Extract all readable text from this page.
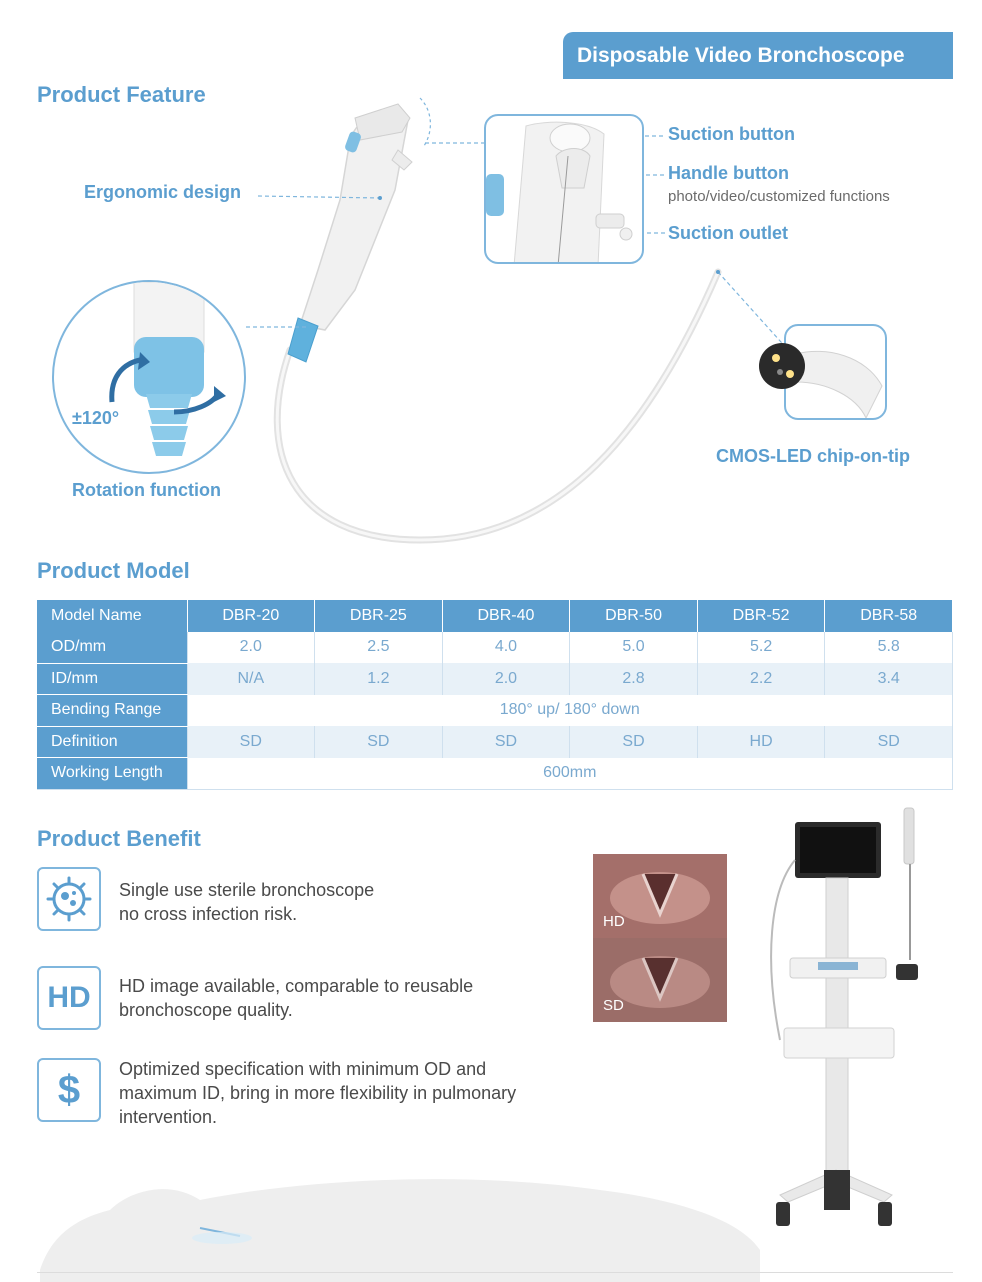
Disposable Video Bronchoscope
Product Feature
Ergonomic design
Suction button
Handle button
photo/video/customized functions
Suction outlet
±120°
Rotation function
CMOS-LED chip-on-tip
Product Model
Model Name	DBR-20	DBR-25	DBR-40	DBR-50	DBR-52	DBR-58
OD/mm	2.0	2.5	4.0	5.0	5.2	5.8
ID/mm	N/A	1.2	2.0	2.8	2.2	3.4
Bending Range	180° up/ 180° down					
Definition	SD	SD	SD	SD	HD	SD
Working Length	600mm					
Product Benefit
Single use sterile bronchoscope
no cross infection risk.
HD HD image available, comparable to reusable
bronchoscope quality.
$ Optimized specification with minimum OD and
maximum ID, bring in more flexibility in pulmonary
intervention.
HD
SD
